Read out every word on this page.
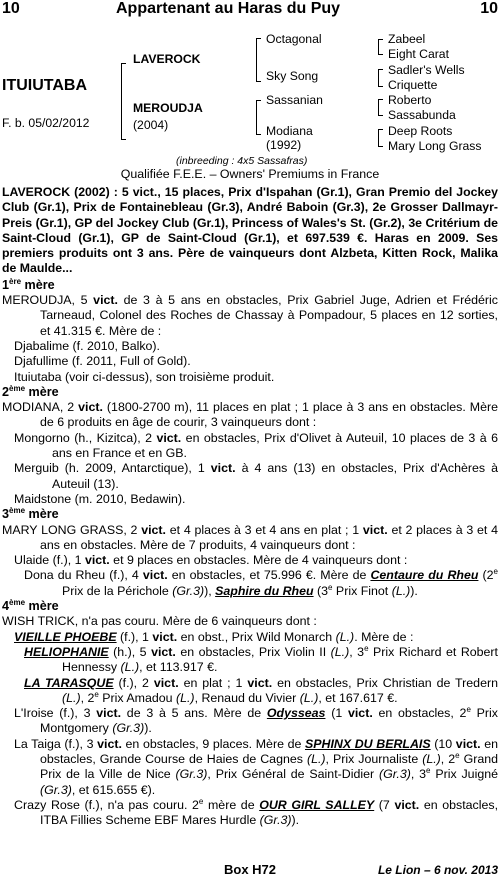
10	Appartenant au Haras du Puy	10
ITUIUTABA
F. b. 05/02/2012
LAVEROCK
MEROUDJA
(2004)
Octagonal
Sky Song
Sassanian
Modiana
(1992)
Zabeel
Eight Carat
Sadler's Wells
Criquette
Roberto
Sassabunda
Deep Roots
Mary Long Grass
(inbreeding : 4x5 Sassafras)
Qualifiée F.E.E. – Owners' Premiums in France

LAVEROCK (2002) : 5 vict., 15 places, Prix d'Ispahan (Gr.1), Gran Premio del Jockey Club (Gr.1), Prix de Fontainebleau (Gr.3), André Baboin (Gr.3), 2e Grosser Dallmayr-Preis (Gr.1), GP del Jockey Club (Gr.1), Princess of Wales's St. (Gr.2), 3e Critérium de Saint-Cloud (Gr.1), GP de Saint-Cloud (Gr.1), et 697.539 €. Haras en 2009. Ses premiers produits ont 3 ans. Père de vainqueurs dont Alzbeta, Kitten Rock, Malika de Maulde...

1ère mère

MEROUDJA, 5 vict. de 3 à 5 ans en obstacles, Prix Gabriel Juge, Adrien et Frédéric Tarneaud, Colonel des Roches de Chassay à Pompadour, 5 places en 12 sorties, et 41.315 €. Mère de :

Djabalime (f. 2010, Balko).

Djafullime (f. 2011, Full of Gold).

Ituiutaba (voir ci-dessus), son troisième produit.

2ème mère

MODIANA, 2 vict. (1800-2700 m), 11 places en plat ; 1 place à 3 ans en obstacles. Mère de 6 produits en âge de courir, 3 vainqueurs dont :

Mongorno (h., Kizitca), 2 vict. en obstacles, Prix d'Olivet à Auteuil, 10 places de 3 à 6 ans en France et en GB.

Merguib (h. 2009, Antarctique), 1 vict. à 4 ans (13) en obstacles, Prix d'Achères à Auteuil (13).

Maidstone (m. 2010, Bedawin).

3ème mère

MARY LONG GRASS, 2 vict. et 4 places à 3 et 4 ans en plat ; 1 vict. et 2 places à 3 et 4 ans en obstacles. Mère de 7 produits, 4 vainqueurs dont :

Ulaide (f.), 1 vict. et 9 places en obstacles. Mère de 4 vainqueurs dont :

Dona du Rheu (f.), 4 vict. en obstacles, et 75.996 €. Mère de Centaure du Rheu (2e Prix de la Périchole (Gr.3)), Saphire du Rheu (3e Prix Finot (L.)).

4ème mère

WISH TRICK, n'a pas couru. Mère de 6 vainqueurs dont :

VIEILLE PHOEBE (f.), 1 vict. en obst., Prix Wild Monarch (L.). Mère de :

HELIOPHANIE (h.), 5 vict. en obstacles, Prix Violin II (L.), 3e Prix Richard et Robert Hennessy (L.), et 113.917 €.

LA TARASQUE (f.), 2 vict. en plat ; 1 vict. en obstacles, Prix Christian de Tredern (L.), 2e Prix Amadou (L.), Renaud du Vivier (L.), et 167.617 €.

L'Iroise (f.), 3 vict. de 3 à 5 ans. Mère de Odysseas (1 vict. en obstacles, 2e Prix Montgomery (Gr.3)).

La Taiga (f.), 3 vict. en obstacles, 9 places. Mère de SPHINX DU BERLAIS (10 vict. en obstacles, Grande Course de Haies de Cagnes (L.), Prix Journaliste (L.), 2e Grand Prix de la Ville de Nice (Gr.3), Prix Général de Saint-Didier (Gr.3), 3e Prix Juigné (Gr.3), et 615.655 €).

Crazy Rose (f.), n'a pas couru. 2e mère de OUR GIRL SALLEY (7 vict. en obstacles, ITBA Fillies Scheme EBF Mares Hurdle (Gr.3)).

Box H72	Le Lion – 6 nov. 2013
